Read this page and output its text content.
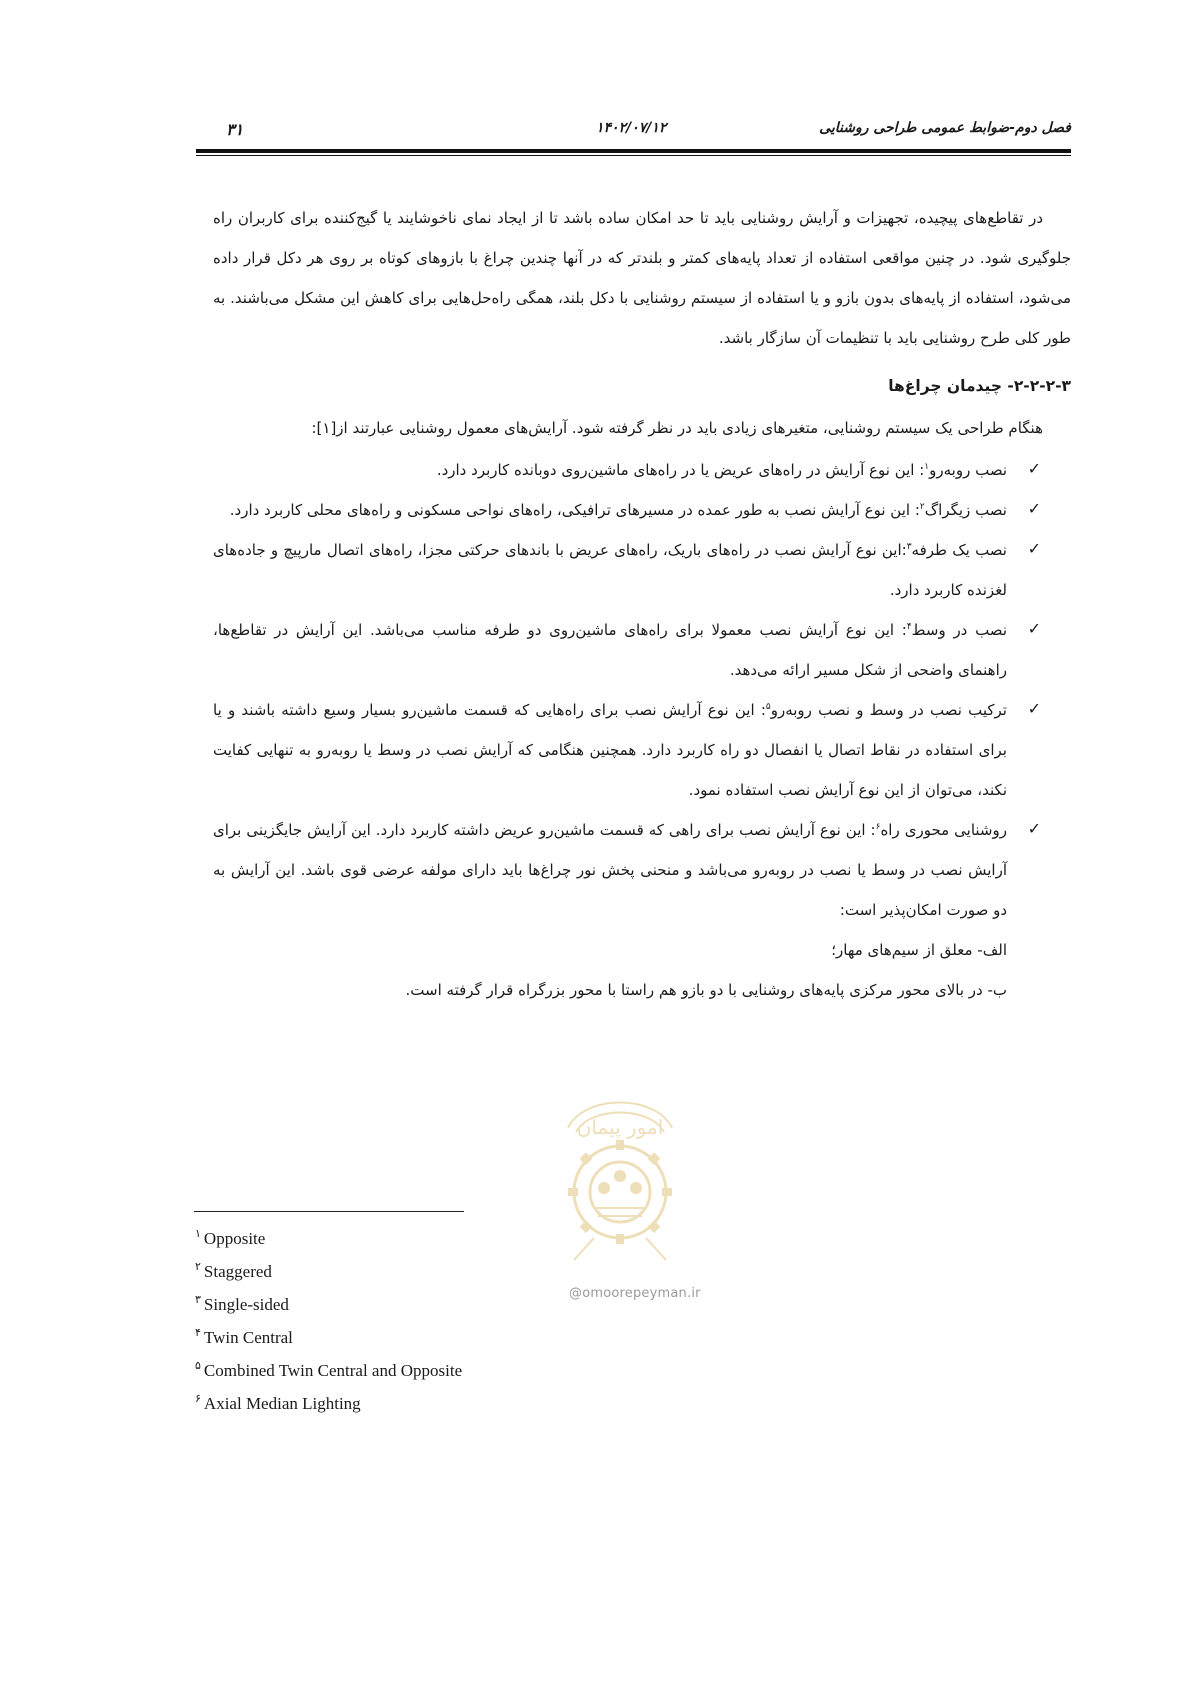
۳۱	۱۴۰۲/۰۷/۱۲	فصل دوم-ضوابط عمومی طراحی روشنایی

در تقاطع‌های پیچیده، تجهیزات و آرایش روشنایی باید تا حد امکان ساده باشد تا از ایجاد نمای ناخوشایند یا گیج‌کننده برای کاربران راه جلوگیری شود. در چنین مواقعی استفاده از تعداد پایه‌های کمتر و بلندتر که در آنها چندین چراغ با بازوهای کوتاه بر روی هر دکل قرار داده می‌شود، استفاده از پایه‌های بدون بازو و یا استفاده از سیستم روشنایی با دکل بلند، همگی راه‌حل‌هایی برای کاهش این مشکل می‌باشند. به طور کلی طرح روشنایی باید با تنظیمات آن سازگار باشد.

۲-۲-۲-۳- چیدمان چراغ‌ها

هنگام طراحی یک سیستم روشنایی، متغیرهای زیادی باید در نظر گرفته شود. آرایش‌های معمول روشنایی عبارتند از[۱]:

✓
نصب روبه‌رو$^۱$: این نوع آرایش در راه‌های عریض یا در راه‌های ماشین‌روی دوبانده کاربرد دارد.
✓
نصب زیگراگ$^۲$: این نوع آرایش نصب به طور عمده در مسیرهای ترافیکی، راه‌های نواحی مسکونی و راه‌های محلی کاربرد دارد.
✓
نصب یک طرفه$^۳$:این نوع آرایش نصب در راه‌های باریک، راه‌های عریض با باندهای حرکتی مجزا، راه‌های اتصال مارپیچ و جاده‌های لغزنده کاربرد دارد.
✓
نصب در وسط$^۴$: این نوع آرایش نصب معمولا برای راه‌های ماشین‌روی دو طرفه مناسب می‌باشد. این آرایش در تقاطع‌ها، راهنمای واضحی از شکل مسیر ارائه می‌دهد.
✓
ترکیب نصب در وسط و نصب روبه‌رو$^۵$: این نوع آرایش نصب برای راه‌هایی که قسمت ماشین‌رو بسیار وسیع داشته باشند و یا برای استفاده در نقاط اتصال یا انفصال دو راه کاربرد دارد. همچنین هنگامی که آرایش نصب در وسط یا روبه‌رو به تنهایی کفایت نکند، می‌توان از این نوع آرایش نصب استفاده نمود.
✓
روشنایی محوری راه$^۶$: این نوع آرایش نصب برای راهی که قسمت ماشین‌رو عریض داشته کاربرد دارد. این آرایش جایگزینی برای آرایش نصب در وسط یا نصب در روبه‌رو می‌باشد و منحنی پخش نور چراغ‌ها باید دارای مولفه عرضی قوی باشد. این آرایش به دو صورت امکان‌پذیر است:

الف- معلق از سیم‌های مهار؛

ب- در بالای محور مرکزی پایه‌های روشنایی با دو بازو هم راستا با محور بزرگراه قرار گرفته است.

امور پیمان
@omoorepeyman.ir
$^۱$ Opposite
$^۲$ Staggered
$^۳$ Single-sided
$^۴$ Twin Central
$^۵$ Combined Twin Central and Opposite
$^۶$ Axial Median Lighting
